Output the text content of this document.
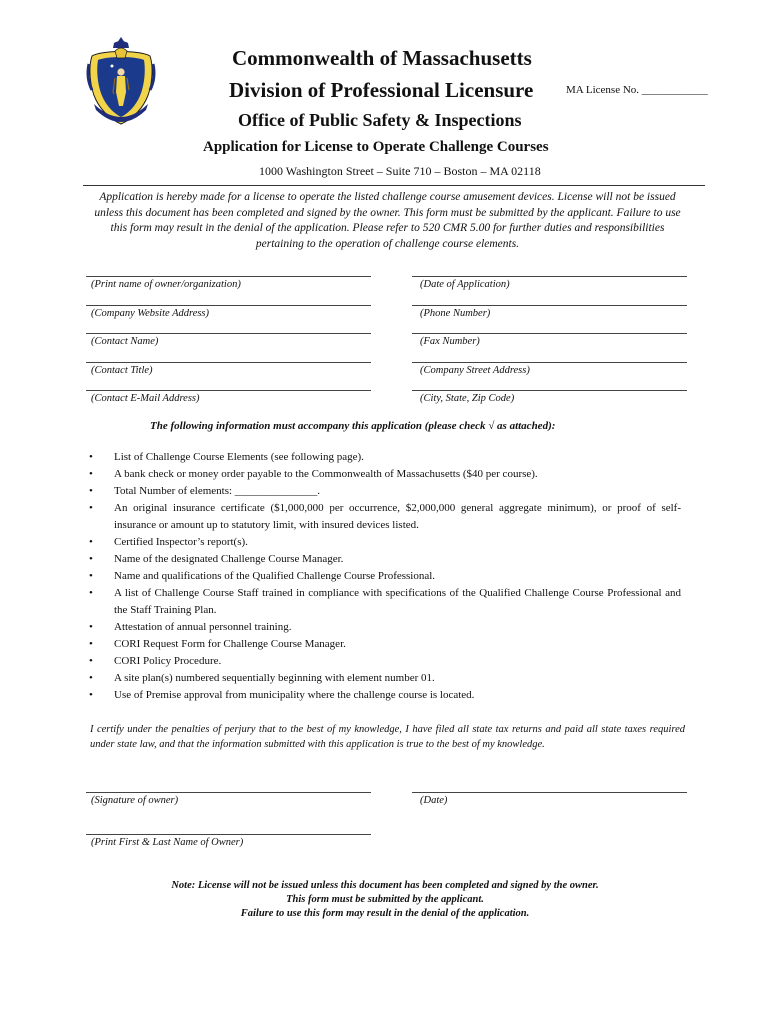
Commonwealth of Massachusetts
Division of Professional Licensure	MA License No. ____________
Office of Public Safety & Inspections
Application for License to Operate Challenge Courses
1000 Washington Street – Suite 710 – Boston – MA 02118
Application is hereby made for a license to operate the listed challenge course amusement devices. License will not be issued unless this document has been completed and signed by the owner. This form must be submitted by the applicant. Failure to use this form may result in the denial of the application. Please refer to 520 CMR 5.00 for further duties and responsibilities pertaining to the operation of challenge course elements.
(Print name of owner/organization)	(Date of Application)
(Company Website Address)	(Phone Number)
(Contact Name)	(Fax Number)
(Contact Title)	(Company Street Address)
(Contact E-Mail Address)	(City, State, Zip Code)
The following information must accompany this application (please check √ as attached):
• List of Challenge Course Elements (see following page).
• A bank check or money order payable to the Commonwealth of Massachusetts ($40 per course).
• Total Number of elements: _______________.
• An original insurance certificate ($1,000,000 per occurrence, $2,000,000 general aggregate minimum), or proof of self-insurance or amount up to statutory limit, with insured devices listed.
• Certified Inspector’s report(s).
• Name of the designated Challenge Course Manager.
• Name and qualifications of the Qualified Challenge Course Professional.
• A list of Challenge Course Staff trained in compliance with specifications of the Qualified Challenge Course Professional and the Staff Training Plan.
• Attestation of annual personnel training.
• CORI Request Form for Challenge Course Manager.
• CORI Policy Procedure.
• A site plan(s) numbered sequentially beginning with element number 01.
• Use of Premise approval from municipality where the challenge course is located.
I certify under the penalties of perjury that to the best of my knowledge, I have filed all state tax returns and paid all state taxes required under state law, and that the information submitted with this application is true to the best of my knowledge.
(Signature of owner)	(Date)
(Print First & Last Name of Owner)
Note: License will not be issued unless this document has been completed and signed by the owner.
This form must be submitted by the applicant.
Failure to use this form may result in the denial of the application.
